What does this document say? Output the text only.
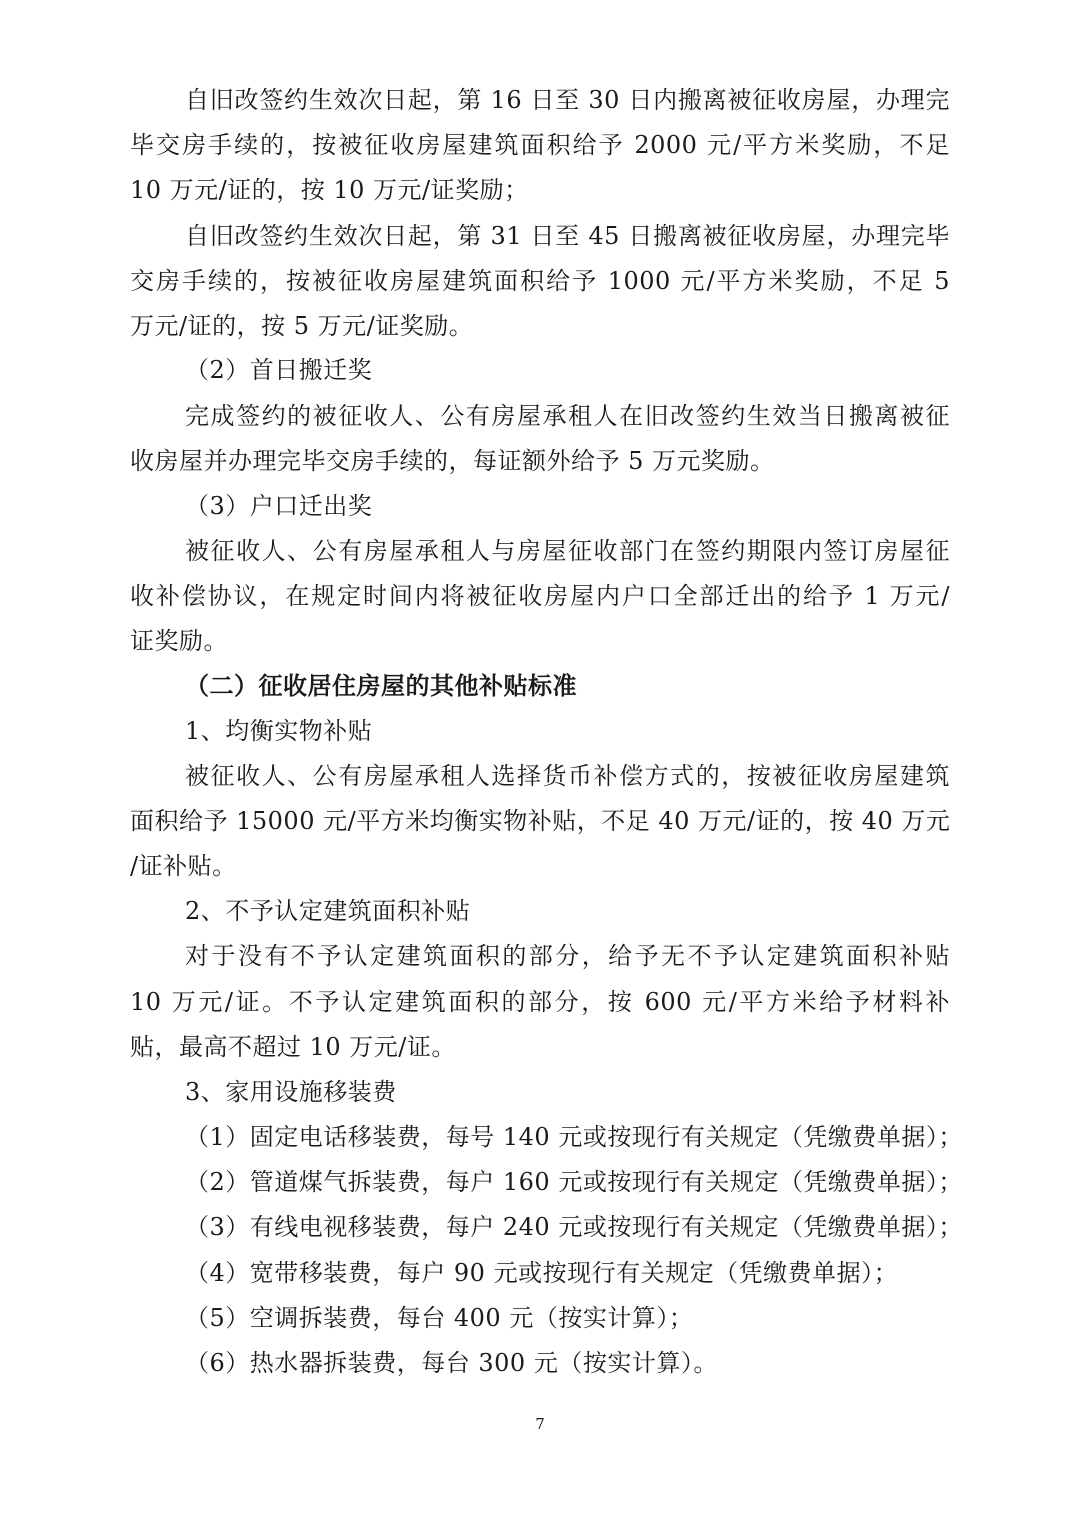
自旧改签约生效次日起，第 16 日至 30 日内搬离被征收房屋，办理完
毕交房手续的，按被征收房屋建筑面积给予 2000 元/平方米奖励，不足
10 万元/证的，按 10 万元/证奖励；
自旧改签约生效次日起，第 31 日至 45 日搬离被征收房屋，办理完毕
交房手续的，按被征收房屋建筑面积给予 1000 元/平方米奖励，不足 5
万元/证的，按 5 万元/证奖励。
（2）首日搬迁奖
完成签约的被征收人、公有房屋承租人在旧改签约生效当日搬离被征
收房屋并办理完毕交房手续的，每证额外给予 5 万元奖励。
（3）户口迁出奖
被征收人、公有房屋承租人与房屋征收部门在签约期限内签订房屋征
收补偿协议，在规定时间内将被征收房屋内户口全部迁出的给予 1 万元/
证奖励。
（二）征收居住房屋的其他补贴标准
1、均衡实物补贴
被征收人、公有房屋承租人选择货币补偿方式的，按被征收房屋建筑
面积给予 15000 元/平方米均衡实物补贴，不足 40 万元/证的，按 40 万元
/证补贴。
2、不予认定建筑面积补贴
对于没有不予认定建筑面积的部分，给予无不予认定建筑面积补贴
10 万元/证。不予认定建筑面积的部分，按 600 元/平方米给予材料补
贴，最高不超过 10 万元/证。
3、家用设施移装费
（1）固定电话移装费，每号 140 元或按现行有关规定（凭缴费单据）；
（2）管道煤气拆装费，每户 160 元或按现行有关规定（凭缴费单据）；
（3）有线电视移装费，每户 240 元或按现行有关规定（凭缴费单据）；
（4）宽带移装费，每户 90 元或按现行有关规定（凭缴费单据）；
（5）空调拆装费，每台 400 元（按实计算）；
（6）热水器拆装费，每台 300 元（按实计算）。
7
